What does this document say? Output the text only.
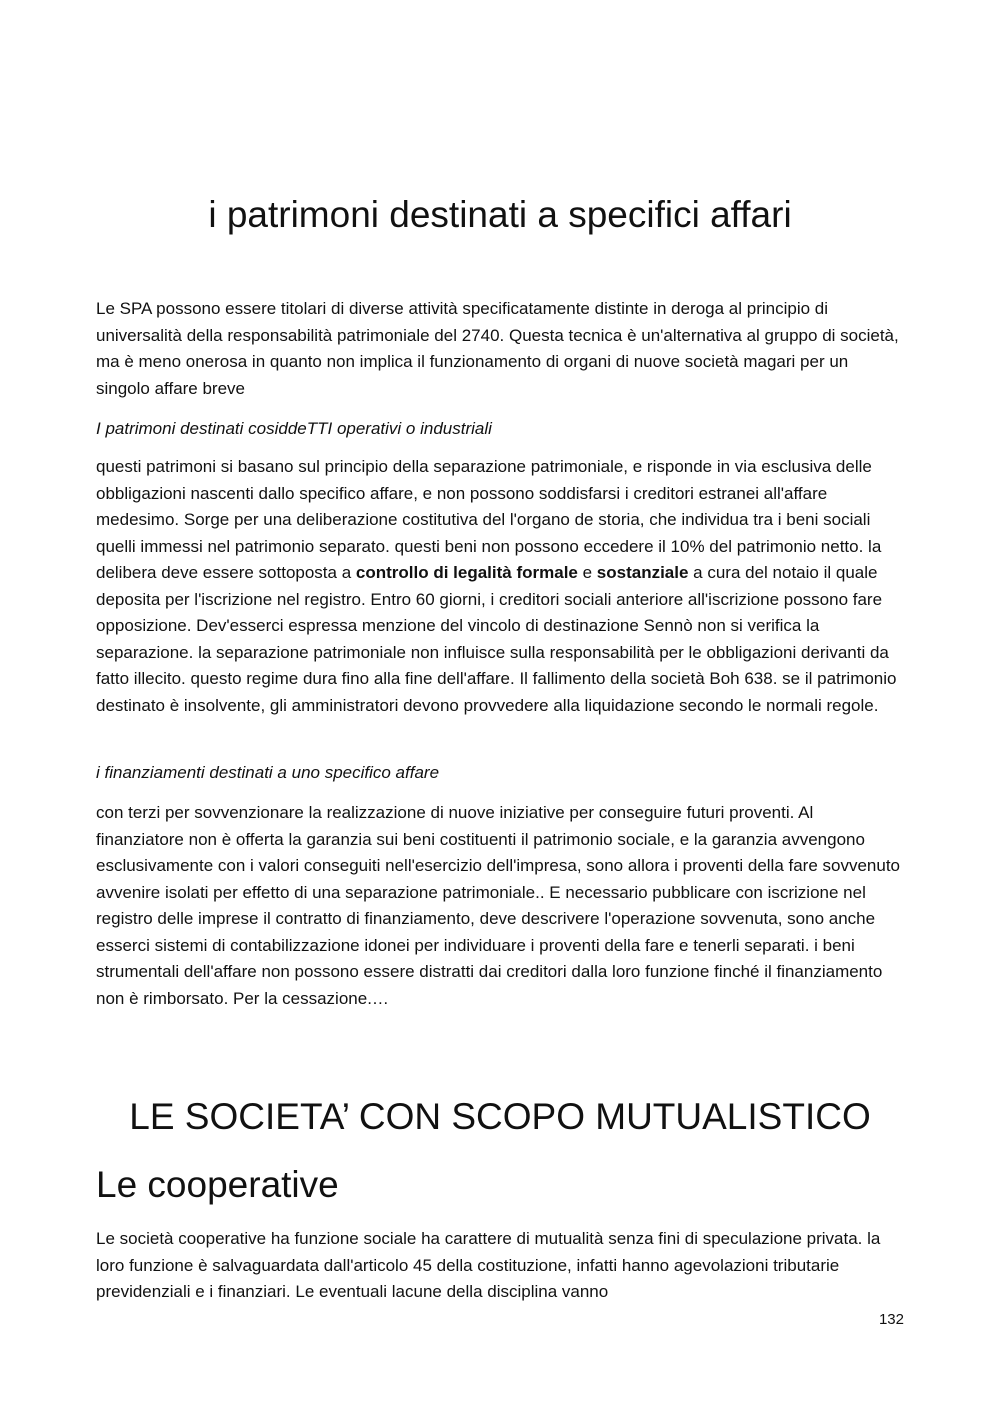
i patrimoni destinati a specifici affari

Le SPA possono essere titolari di diverse attività specificatamente distinte in deroga al principio di universalità della responsabilità patrimoniale del 2740. Questa tecnica è un'alternativa al gruppo di società, ma è meno onerosa in quanto non implica il funzionamento di organi di nuove società magari per un singolo affare breve

I patrimoni destinati cosiddeTTI operativi o industriali

questi patrimoni si basano sul principio della separazione patrimoniale, e risponde in via esclusiva delle obbligazioni nascenti dallo specifico affare, e non possono soddisfarsi i creditori estranei all'affare medesimo. Sorge per una deliberazione costitutiva del l'organo de storia, che individua tra i beni sociali quelli immessi nel patrimonio separato. questi beni non possono eccedere il 10% del patrimonio netto. la delibera deve essere sottoposta a controllo di legalità formale e sostanziale a cura del notaio il quale deposita per l'iscrizione nel registro. Entro 60 giorni, i creditori sociali anteriore all'iscrizione possono fare opposizione. Dev'esserci espressa menzione del vincolo di destinazione Sennò non si verifica la separazione. la separazione patrimoniale non influisce sulla responsabilità per le obbligazioni derivanti da fatto illecito. questo regime dura fino alla fine dell'affare. Il fallimento della società Boh 638. se il patrimonio destinato è insolvente, gli amministratori devono provvedere alla liquidazione secondo le normali regole.

i finanziamenti destinati a uno specifico affare

con terzi per sovvenzionare la realizzazione di nuove iniziative per conseguire futuri proventi. Al finanziatore non è offerta la garanzia sui beni costituenti il patrimonio sociale, e la garanzia avvengono esclusivamente con i valori conseguiti nell'esercizio dell'impresa, sono allora i proventi della fare sovvenuto avvenire isolati per effetto di una separazione patrimoniale.. E necessario pubblicare con iscrizione nel registro delle imprese il contratto di finanziamento, deve descrivere l'operazione sovvenuta, sono anche esserci sistemi di contabilizzazione idonei per individuare i proventi della fare e tenerli separati. i beni strumentali dell'affare non possono essere distratti dai creditori dalla loro funzione finché il finanziamento non è rimborsato. Per la cessazione.…

LE SOCIETA’ CON SCOPO MUTUALISTICO
Le cooperative

Le società cooperative ha funzione sociale ha carattere di mutualità senza fini di speculazione privata. la loro funzione è salvaguardata dall'articolo 45 della costituzione, infatti hanno agevolazioni tributarie previdenziali e i finanziari. Le eventuali lacune della disciplina vanno

132
